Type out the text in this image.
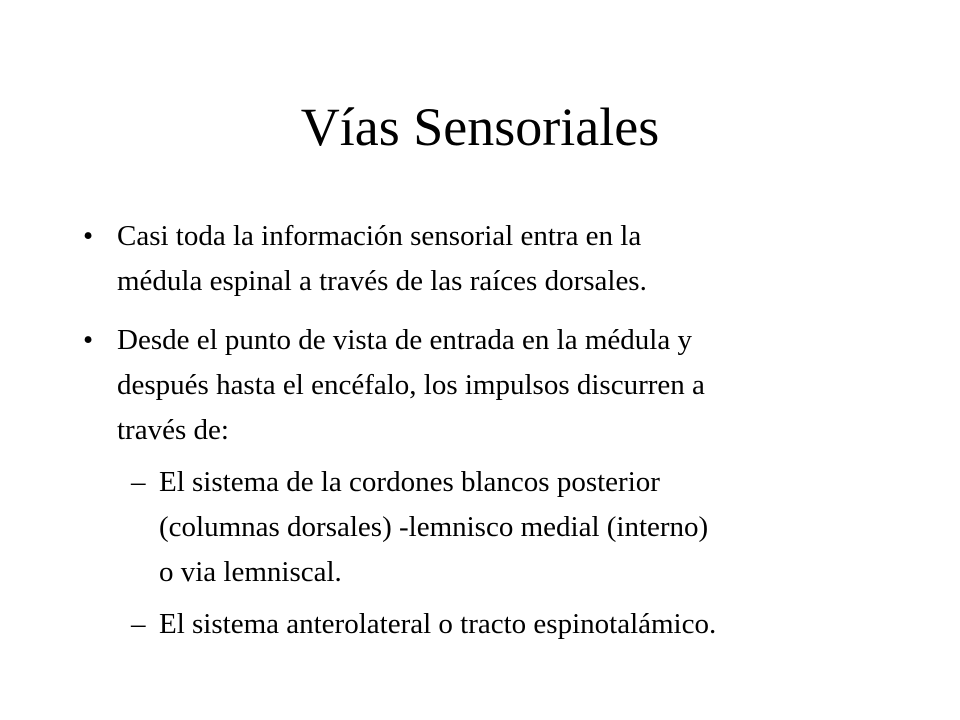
Vías Sensoriales
• Casi toda la información sensorial entra en la
médula espinal a través de las raíces dorsales.
• Desde el punto de vista de entrada en la médula y
después hasta el encéfalo, los impulsos discurren a
través de:
– El sistema de la cordones blancos posterior
(columnas dorsales) -lemnisco medial (interno)
o via lemniscal.
– El sistema anterolateral o tracto espinotalámico.
